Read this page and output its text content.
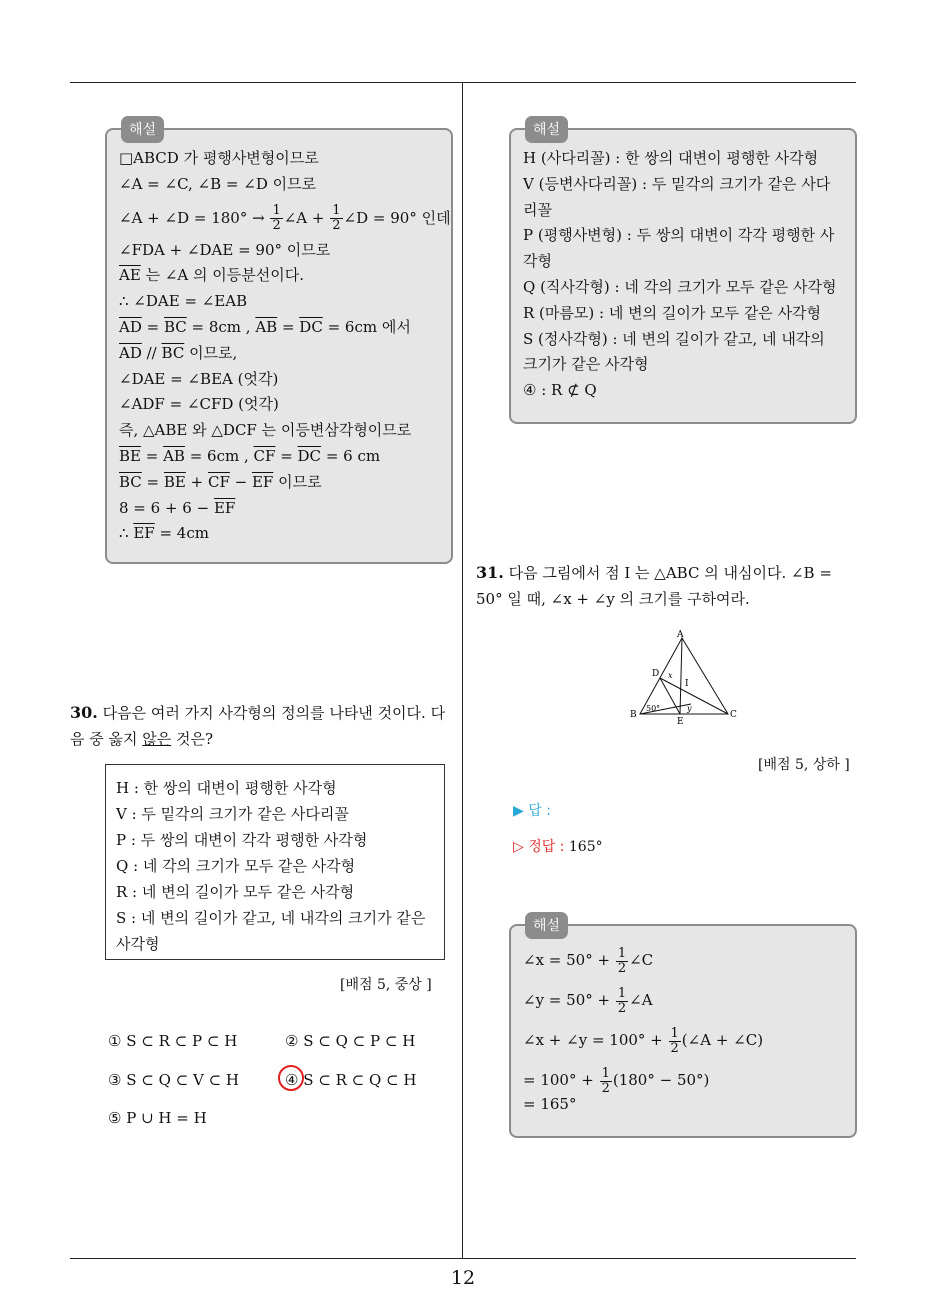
해설
□ABCD 가 평행사변형이므로
∠A = ∠C, ∠B = ∠D 이므로
∠A + ∠D = $180^\circ \to \frac{1}{2}$ ∠A + $\frac{1}{2}$ ∠D = 90° 인데
∠FDA + ∠DAE = 90° 이므로
$\overline{AE}$ 는 ∠A 의 이등분선이다.
∴ ∠DAE = ∠EAB
$\overline{AD} = \overline{BC} = 8cm$ , $\overline{AB} = \overline{DC} = 6cm$ 에서
$\overline{AD} // \overline{BC}$ 이므로,
∠DAE = ∠BEA (엇각)
∠ADF = ∠CFD (엇각)
즉, △ABE 와 △DCF 는 이등변삼각형이므로
$\overline{BE} = \overline{AB} = 6cm$ , $\overline{CF} = \overline{DC} = 6$ cm
$\overline{BC} = \overline{BE} + \overline{CF} - \overline{EF}$ 이므로
$8 = 6 + 6 - \overline{EF}$
∴ $\overline{EF} = 4cm$
해설
H (사다리꼴) : 한 쌍의 대변이 평행한 사각형
V (등변사다리꼴) : 두 밑각의 크기가 같은 사다리꼴
P (평행사변형) : 두 쌍의 대변이 각각 평행한 사각형
Q (직사각형) : 네 각의 크기가 모두 같은 사각형
R (마름모) : 네 변의 길이가 모두 같은 사각형
S (정사각형) : 네 변의 길이가 같고, 네 내각의 크기가 같은 사각형
④ : R ⊄ Q
30. 다음은 여러 가지 사각형의 정의를 나타낸 것이다. 다음 중 옳지 않은 것은?
H : 한 쌍의 대변이 평행한 사각형
V : 두 밑각의 크기가 같은 사다리꼴
P : 두 쌍의 대변이 각각 평행한 사각형
Q : 네 각의 크기가 모두 같은 사각형
R : 네 변의 길이가 모두 같은 사각형
S : 네 변의 길이가 같고, 네 내각의 크기가 같은 사각형
[배점 5, 중상 ]
① S ⊂ R ⊂ P ⊂ H	② S ⊂ Q ⊂ P ⊂ H
③ S ⊂ Q ⊂ V ⊂ H	④ S ⊂ R ⊂ Q ⊂ H
⑤ P ∪ H = H
31. 다음 그림에서 점 I 는 △ABC 의 내심이다. ∠B = 50° 일 때, ∠x + ∠y 의 크기를 구하여라.
A
B	C
D
E
I
x
y
50°
[배점 5, 상하 ]
▶ 답 :
▷ 정답 : 165°
해설
∠x = $50^\circ + \frac{1}{2}$ ∠C
∠y = $50^\circ + \frac{1}{2}$ ∠A
∠x + ∠y = $100^\circ + \frac{1}{2}$ (∠A + ∠C)
= $100^\circ + \frac{1}{2} (180^\circ - 50^\circ)$
= 165°
12
